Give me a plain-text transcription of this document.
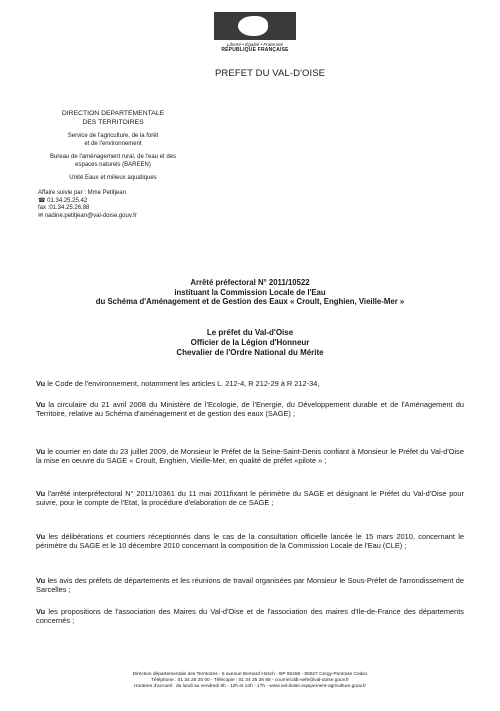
Liberté • Égalité • Fraternité
RÉPUBLIQUE FRANÇAISE
PREFET DU VAL-D'OISE

DIRECTION DEPARTEMENTALE
DES TERRITOIRES

Service de l'agriculture, de la forêt
et de l'environnement

Bureau de l'aménagement rural, de l'eau et des
espaces naturels (BAREEN)

Unité Eaux et milieux aquatiques

Affaire suivie par : Mme Petitjean
☎ 01.34.25.25.42
fax :01.34.25.26.88
✉ nadine.petitjean@val-doise.gouv.fr
Arrêté préfectoral N° 2011/10522
instituant la Commission Locale de l'Eau
du Schéma d'Aménagement et de Gestion des Eaux « Croult, Enghien, Vieille-Mer »
Le préfet du Val-d'Oise
Officier de la Légion d'Honneur
Chevalier de l'Ordre National du Mérite
Vu le Code de l'environnement, notamment les articles L. 212-4, R 212-29 à R 212-34,
Vu la circulaire du 21 avril 2008 du Ministère de l'Ecologie, de l'Energie, du Développement durable et de l'Aménagement du Territoire, relative au Schéma d'aménagement et de gestion des eaux (SAGE) ;
Vu le courrier en date du 23 juillet 2009, de Monsieur le Préfet de la Seine-Saint-Denis confiant à Monsieur le Préfet du Val-d'Oise la mise en oeuvre du SAGE « Croult, Enghien, Vieille-Mer, en qualité de préfet «pilote » ;
Vu l'arrêté interpréfectoral N° 2011/10361 du 11 mai 2011fixant le périmètre du SAGE et désignant le Préfet du Val-d'Oise pour suivre, pour le compte de l'Etat, la procédure d'elaboration de ce SAGE ;
Vu les délibérations et courriers réceptionnés dans le cas de la consultation officielle lancée le 15 mars 2010, concernant le périmètre du SAGE et le 10 décembre 2010 concernant la composition de la Commission Locale de l'Eau (CLE) ;
Vu les avis des préfets de départements et les réunions de travail organisées par Monsieur le Sous-Préfet de l'arrondissement de Sarcelles ;
Vu les propositions de l'association des Maires du Val-d'Oise et de l'association des maires d'Ile-de-France des départements concernés ;
Direction départementale des Territoires - 5 avenue Bernard Hirsch - BP 60458 - 95027 Cergy-Pontoise Cedex
Téléphone : 01 34 25 25 00 - Télécopie : 01 34 25 26 88 - courriel:ddt-sefe@val-doise.gouv.fr
Horaires d'accueil : du lundi au vendredi 9h - 12h et 14h - 17h - www.val-doise.equipement-agriculture.gouv.fr
